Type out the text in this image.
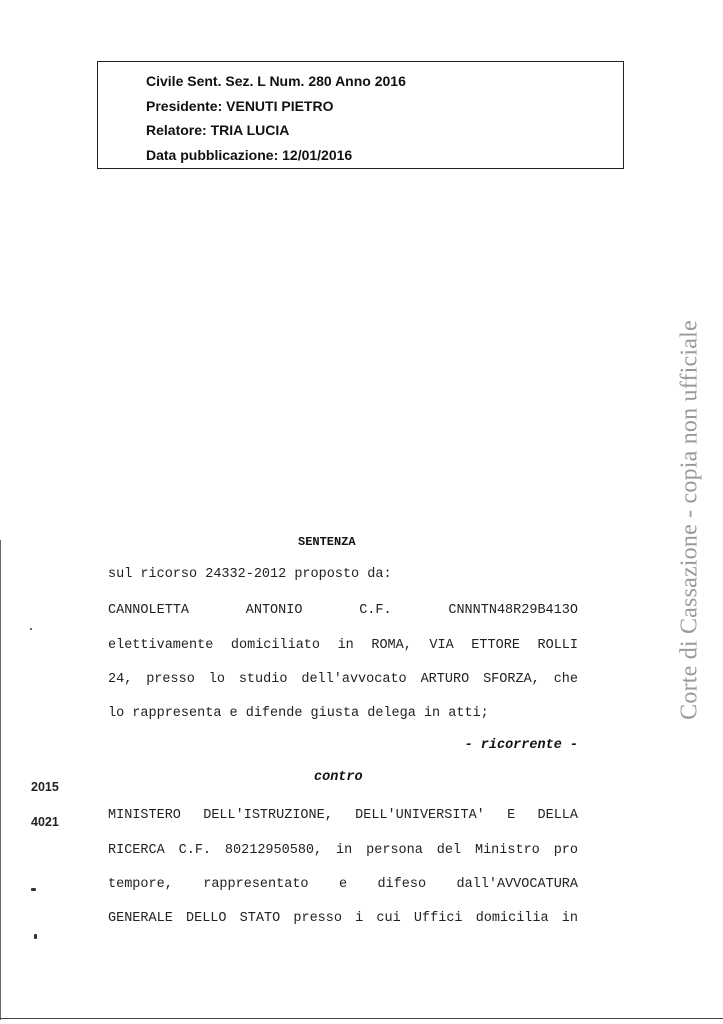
Civile Sent. Sez. L Num. 280 Anno 2016
Presidente: VENUTI PIETRO
Relatore: TRIA LUCIA
Data pubblicazione: 12/01/2016
Corte di Cassazione - copia non ufficiale
SENTENZA
sul ricorso 24332-2012 proposto da:
CANNOLETTA	ANTONIO	C.F.	CNNNTN48R29B413O
elettivamente domiciliato in ROMA, VIA ETTORE ROLLI
24, presso lo studio dell'avvocato ARTURO SFORZA, che
lo rappresenta e difende giusta delega in atti;
- ricorrente -
contro
MINISTERO DELL'ISTRUZIONE, DELL'UNIVERSITA' E DELLA
RICERCA C.F. 80212950580, in persona del Ministro pro
tempore, rappresentato e difeso dall'AVVOCATURA
GENERALE DELLO STATO presso i cui Uffici domicilia in
2015
4021
